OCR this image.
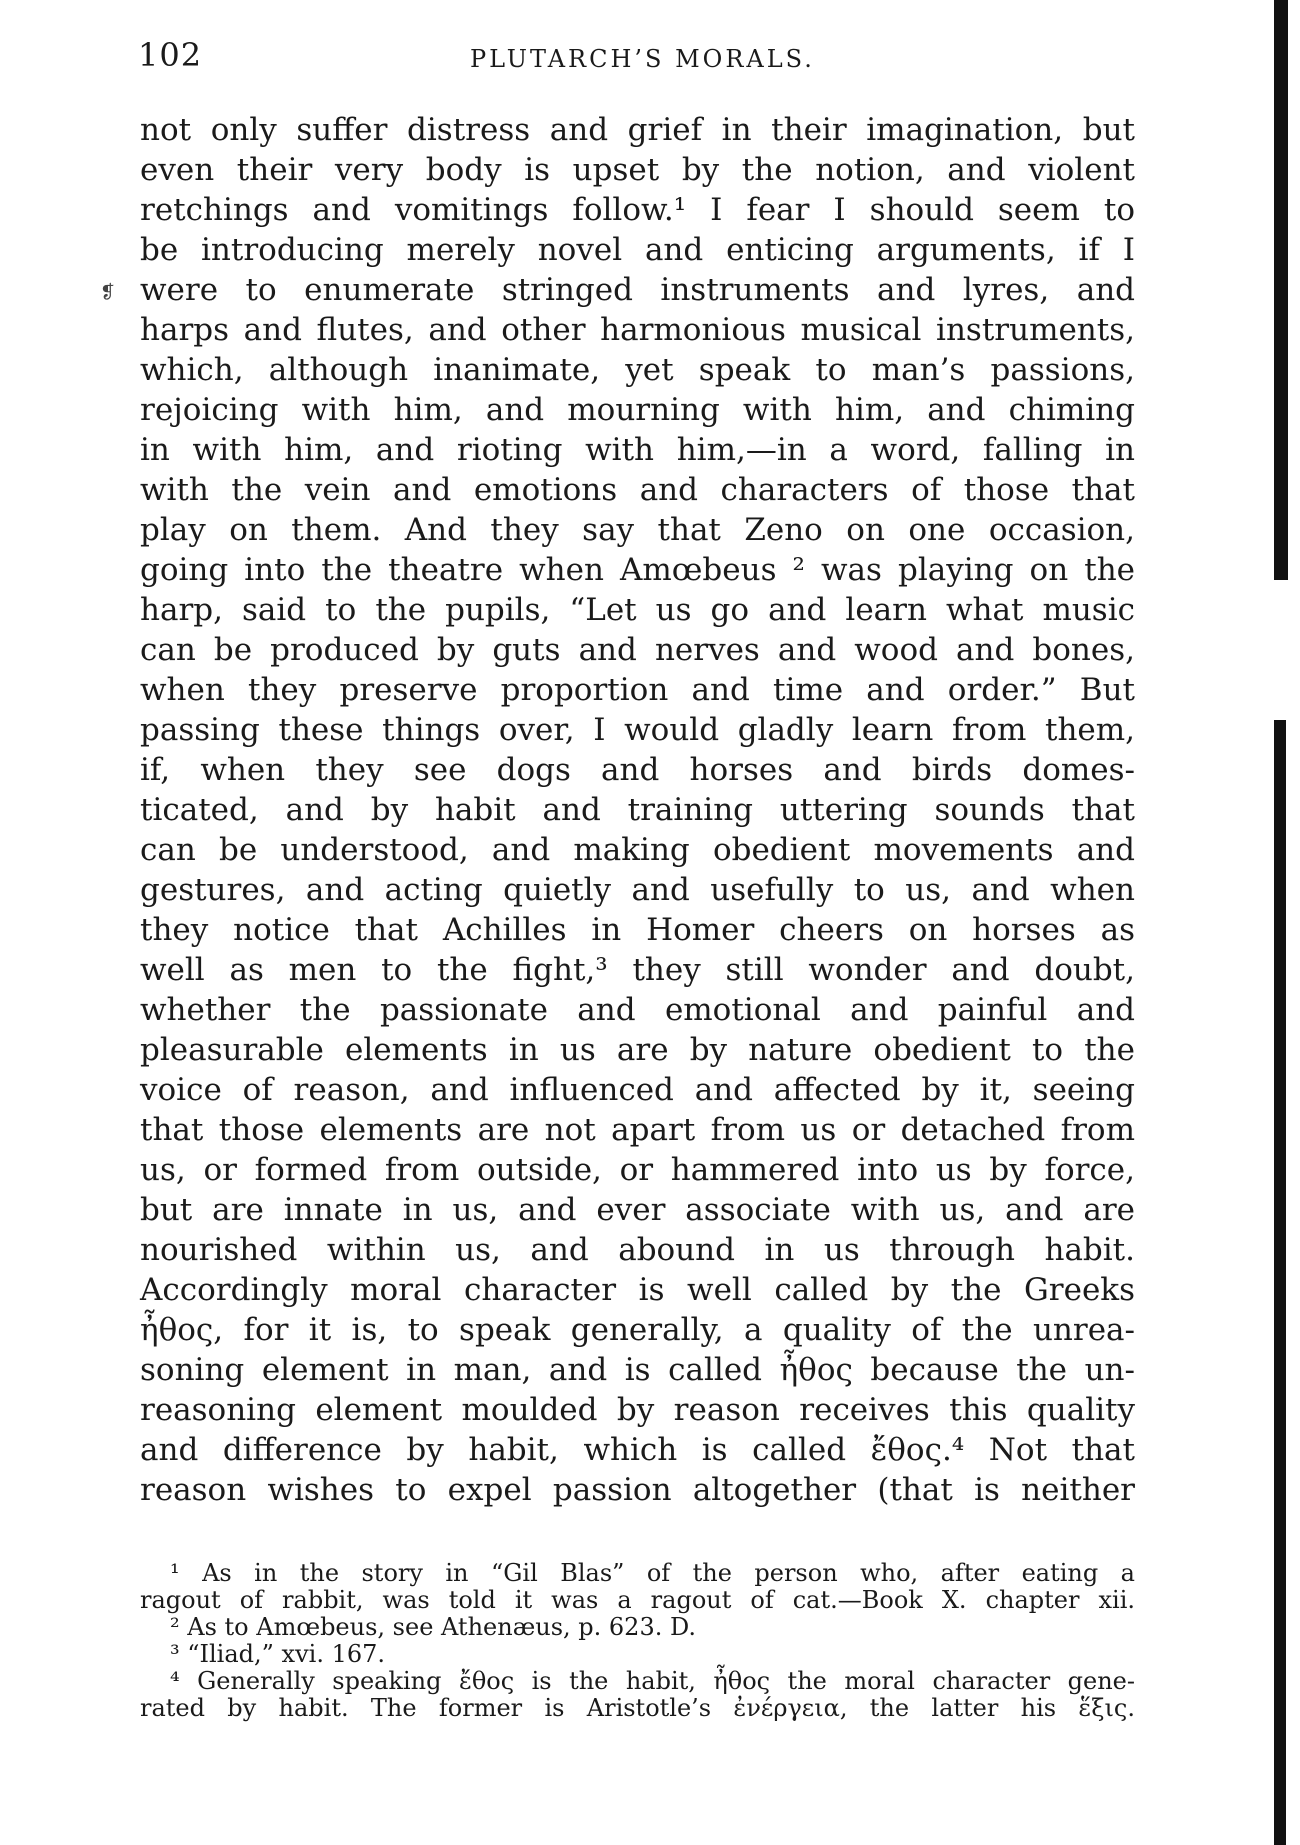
102	PLUTARCH’S MORALS.
❡
not only suffer distress and grief in their imagination, but
even their very body is upset by the notion, and violent
retchings and vomitings follow.¹ I fear I should seem to
be introducing merely novel and enticing arguments, if I
were to enumerate stringed instruments and lyres, and
harps and flutes, and other harmonious musical instruments,
which, although inanimate, yet speak to man’s passions,
rejoicing with him, and mourning with him, and chiming
in with him, and rioting with him,—in a word, falling in
with the vein and emotions and characters of those that
play on them. And they say that Zeno on one occasion,
going into the theatre when Amœbeus ² was playing on the
harp, said to the pupils, “Let us go and learn what music
can be produced by guts and nerves and wood and bones,
when they preserve proportion and time and order.” But
passing these things over, I would gladly learn from them,
if, when they see dogs and horses and birds domes-
ticated, and by habit and training uttering sounds that
can be understood, and making obedient movements and
gestures, and acting quietly and usefully to us, and when
they notice that Achilles in Homer cheers on horses as
well as men to the fight,³ they still wonder and doubt,
whether the passionate and emotional and painful and
pleasurable elements in us are by nature obedient to the
voice of reason, and influenced and affected by it, seeing
that those elements are not apart from us or detached from
us, or formed from outside, or hammered into us by force,
but are innate in us, and ever associate with us, and are
nourished within us, and abound in us through habit.
Accordingly moral character is well called by the Greeks
ἦθος, for it is, to speak generally, a quality of the unrea-
soning element in man, and is called ἦθος because the un-
reasoning element moulded by reason receives this quality
and difference by habit, which is called ἔθος.⁴ Not that
reason wishes to expel passion altogether (that is neither
¹ As in the story in “Gil Blas” of the person who, after eating a
ragout of rabbit, was told it was a ragout of cat.—Book X. chapter xii.
² As to Amœbeus, see Athenæus, p. 623. D.
³ “Iliad,” xvi. 167.
⁴ Generally speaking ἔθος is the habit, ἦθος the moral character gene-
rated by habit. The former is Aristotle’s ἐνέργεια, the latter his ἕξις.
